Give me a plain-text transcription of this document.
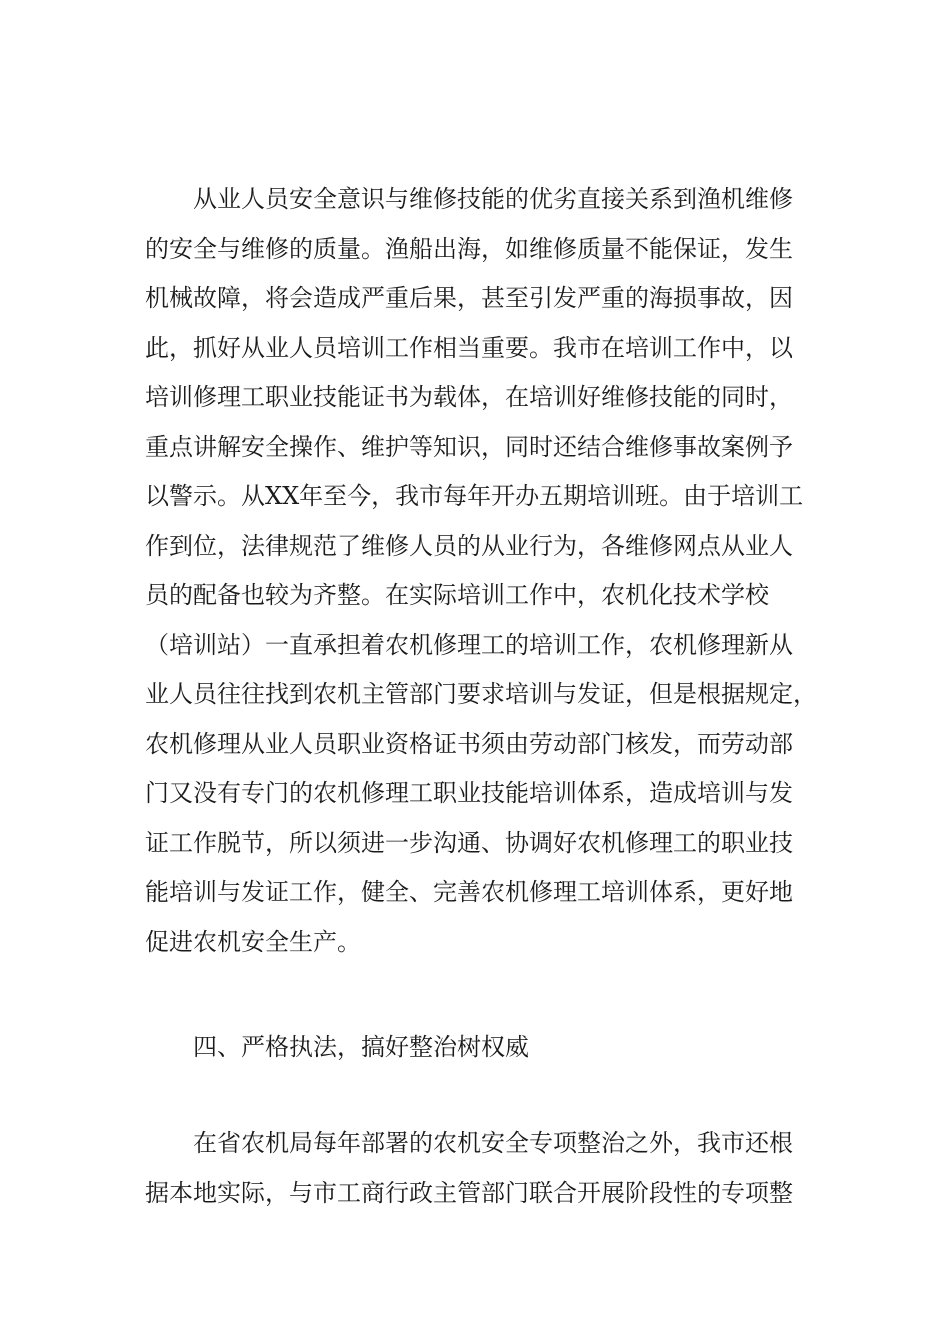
从业人员安全意识与维修技能的优劣直接关系到渔机维修
的安全与维修的质量。渔船出海，如维修质量不能保证，发生
机械故障，将会造成严重后果，甚至引发严重的海损事故，因
此，抓好从业人员培训工作相当重要。我市在培训工作中，以
培训修理工职业技能证书为载体，在培训好维修技能的同时，
重点讲解安全操作、维护等知识，同时还结合维修事故案例予
以警示。从XX年至今，我市每年开办五期培训班。由于培训工
作到位，法律规范了维修人员的从业行为，各维修网点从业人
员的配备也较为齐整。在实际培训工作中，农机化技术学校
（培训站）一直承担着农机修理工的培训工作，农机修理新从
业人员往往找到农机主管部门要求培训与发证，但是根据规定，
农机修理从业人员职业资格证书须由劳动部门核发，而劳动部
门又没有专门的农机修理工职业技能培训体系，造成培训与发
证工作脱节，所以须进一步沟通、协调好农机修理工的职业技
能培训与发证工作，健全、完善农机修理工培训体系，更好地
促进农机安全生产。
四、严格执法，搞好整治树权威
在省农机局每年部署的农机安全专项整治之外，我市还根
据本地实际，与市工商行政主管部门联合开展阶段性的专项整
